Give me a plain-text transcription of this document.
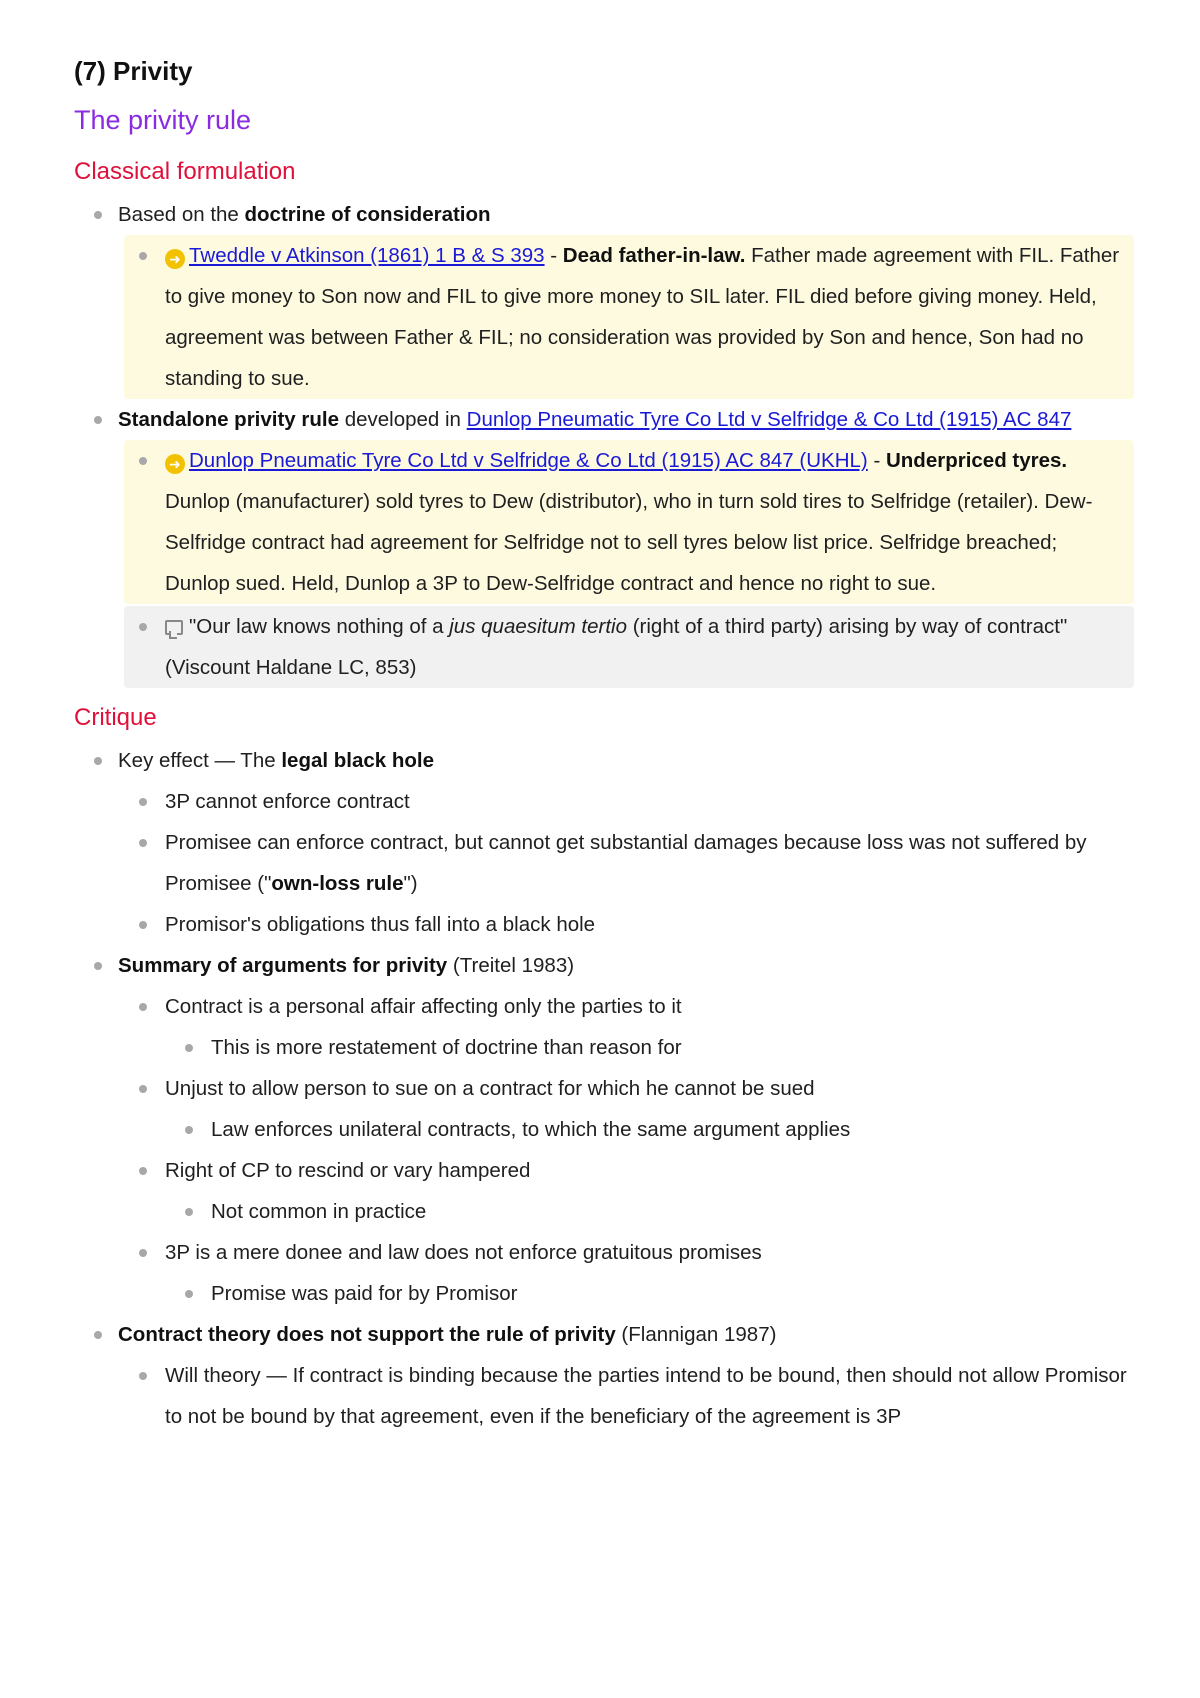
(7) Privity
The privity rule
Classical formulation
Based on the doctrine of consideration
➜ Tweddle v Atkinson (1861) 1 B & S 393 - Dead father-in-law. Father made agreement with FIL. Father to give money to Son now and FIL to give more money to SIL later. FIL died before giving money. Held, agreement was between Father & FIL; no consideration was provided by Son and hence, Son had no standing to sue.
Standalone privity rule developed in Dunlop Pneumatic Tyre Co Ltd v Selfridge & Co Ltd (1915) AC 847
➜ Dunlop Pneumatic Tyre Co Ltd v Selfridge & Co Ltd (1915) AC 847 (UKHL) - Underpriced tyres. Dunlop (manufacturer) sold tyres to Dew (distributor), who in turn sold tires to Selfridge (retailer). Dew-Selfridge contract had agreement for Selfridge not to sell tyres below list price. Selfridge breached; Dunlop sued. Held, Dunlop a 3P to Dew-Selfridge contract and hence no right to sue.
"Our law knows nothing of a jus quaesitum tertio (right of a third party) arising by way of contract" (Viscount Haldane LC, 853)
Critique
Key effect — The legal black hole
3P cannot enforce contract
Promisee can enforce contract, but cannot get substantial damages because loss was not suffered by Promisee ("own-loss rule")
Promisor's obligations thus fall into a black hole
Summary of arguments for privity (Treitel 1983)
Contract is a personal affair affecting only the parties to it
This is more restatement of doctrine than reason for
Unjust to allow person to sue on a contract for which he cannot be sued
Law enforces unilateral contracts, to which the same argument applies
Right of CP to rescind or vary hampered
Not common in practice
3P is a mere donee and law does not enforce gratuitous promises
Promise was paid for by Promisor
Contract theory does not support the rule of privity (Flannigan 1987)
Will theory — If contract is binding because the parties intend to be bound, then should not allow Promisor to not be bound by that agreement, even if the beneficiary of the agreement is 3P
